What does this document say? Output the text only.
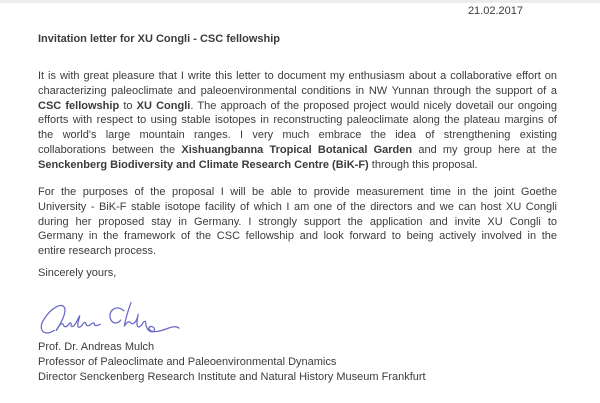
21.02.2017
Invitation letter for XU Congli - CSC fellowship
It is with great pleasure that I write this letter to document my enthusiasm about a collaborative effort on
characterizing paleoclimate and paleoenvironmental conditions in NW Yunnan through the support of a
CSC fellowship to XU Congli. The approach of the proposed project would nicely dovetail our ongoing
efforts with respect to using stable isotopes in reconstructing paleoclimate along the plateau margins of
the world's large mountain ranges. I very much embrace the idea of strengthening existing
collaborations between the Xishuangbanna Tropical Botanical Garden and my group here at the
Senckenberg Biodiversity and Climate Research Centre (BiK-F) through this proposal.
For the purposes of the proposal I will be able to provide measurement time in the joint Goethe
University - BiK-F stable isotope facility of which I am one of the directors and we can host XU Congli
during her proposed stay in Germany. I strongly support the application and invite XU Congli to
Germany in the framework of the CSC fellowship and look forward to being actively involved in the
entire research process.
Sincerely yours,
Prof. Dr. Andreas Mulch
Professor of Paleoclimate and Paleoenvironmental Dynamics
Director Senckenberg Research Institute and Natural History Museum Frankfurt
